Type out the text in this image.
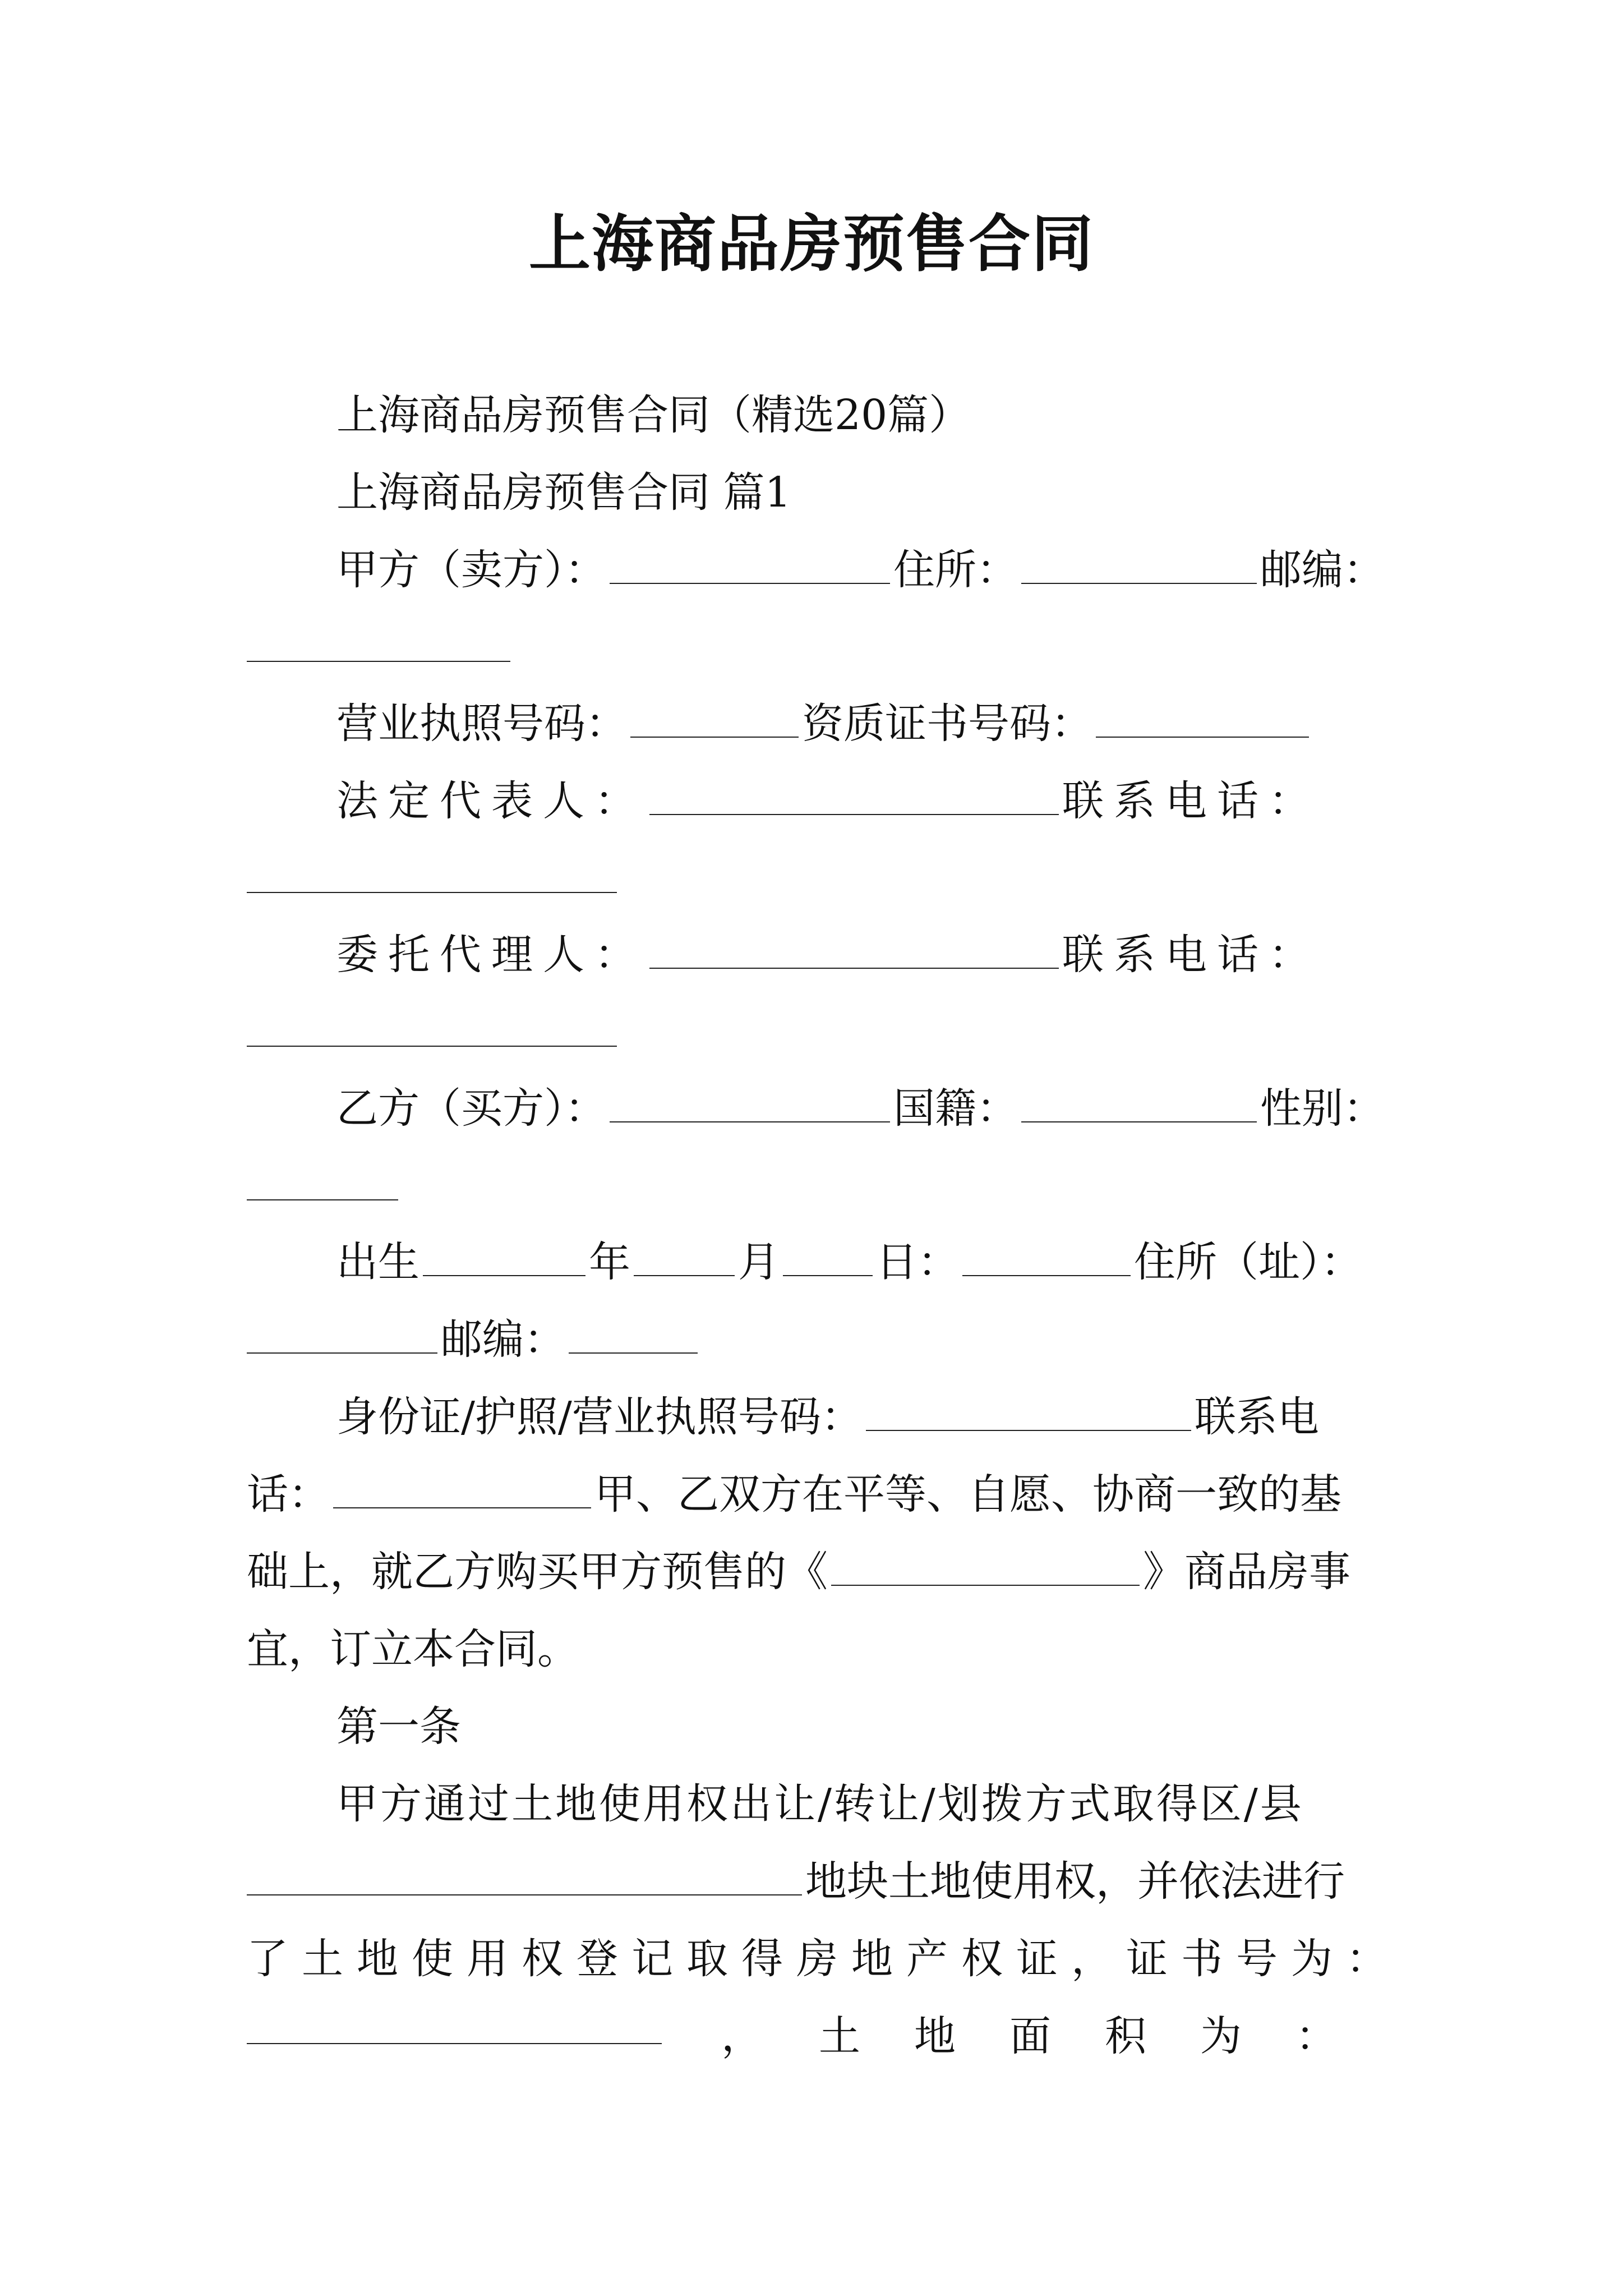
上海商品房预售合同
上海商品房预售合同（精选20篇）
上海商品房预售合同 篇1
甲方（卖方）：	住所：	邮编：
营业执照号码：	资质证书号码：
法定代表人：	联系电话：
委托代理人：	联系电话：
乙方（买方）：	国籍：	性别：
出生	年	月 日：	住所（址）：
邮编：
身份证/护照/营业执照号码：	联系电
话：	甲、乙双方在平等、自愿、协商一致的基
础上，就乙方购买甲方预售的《	》商品房事
宜，订立本合同。
第一条
甲方通过土地使用权出让/转让/划拨方式取得区/县
地块土地使用权，并依法进行
了土地使用权登记取得房地产权证，证书号为：
， 土地面积为：
